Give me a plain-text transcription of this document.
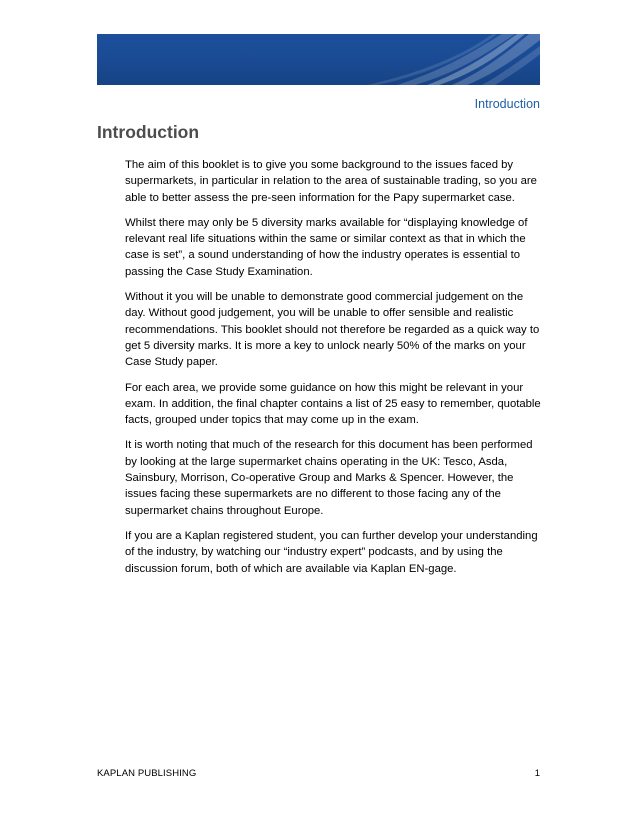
Introduction
Introduction

The aim of this booklet is to give you some background to the issues faced by supermarkets, in particular in relation to the area of sustainable trading, so you are able to better assess the pre-seen information for the Papy supermarket case.

Whilst there may only be 5 diversity marks available for “displaying knowledge of relevant real life situations within the same or similar context as that in which the case is set”, a sound understanding of how the industry operates is essential to passing the Case Study Examination.

Without it you will be unable to demonstrate good commercial judgement on the day. Without good judgement, you will be unable to offer sensible and realistic recommendations. This booklet should not therefore be regarded as a quick way to get 5 diversity marks. It is more a key to unlock nearly 50% of the marks on your Case Study paper.

For each area, we provide some guidance on how this might be relevant in your exam. In addition, the final chapter contains a list of 25 easy to remember, quotable facts, grouped under topics that may come up in the exam.

It is worth noting that much of the research for this document has been performed by looking at the large supermarket chains operating in the UK: Tesco, Asda, Sainsbury, Morrison, Co-operative Group and Marks & Spencer. However, the issues facing these supermarkets are no different to those facing any of the supermarket chains throughout Europe.

If you are a Kaplan registered student, you can further develop your understanding of the industry, by watching our “industry expert” podcasts, and by using the discussion forum, both of which are available via Kaplan EN-gage.

KAPLAN PUBLISHING	1
